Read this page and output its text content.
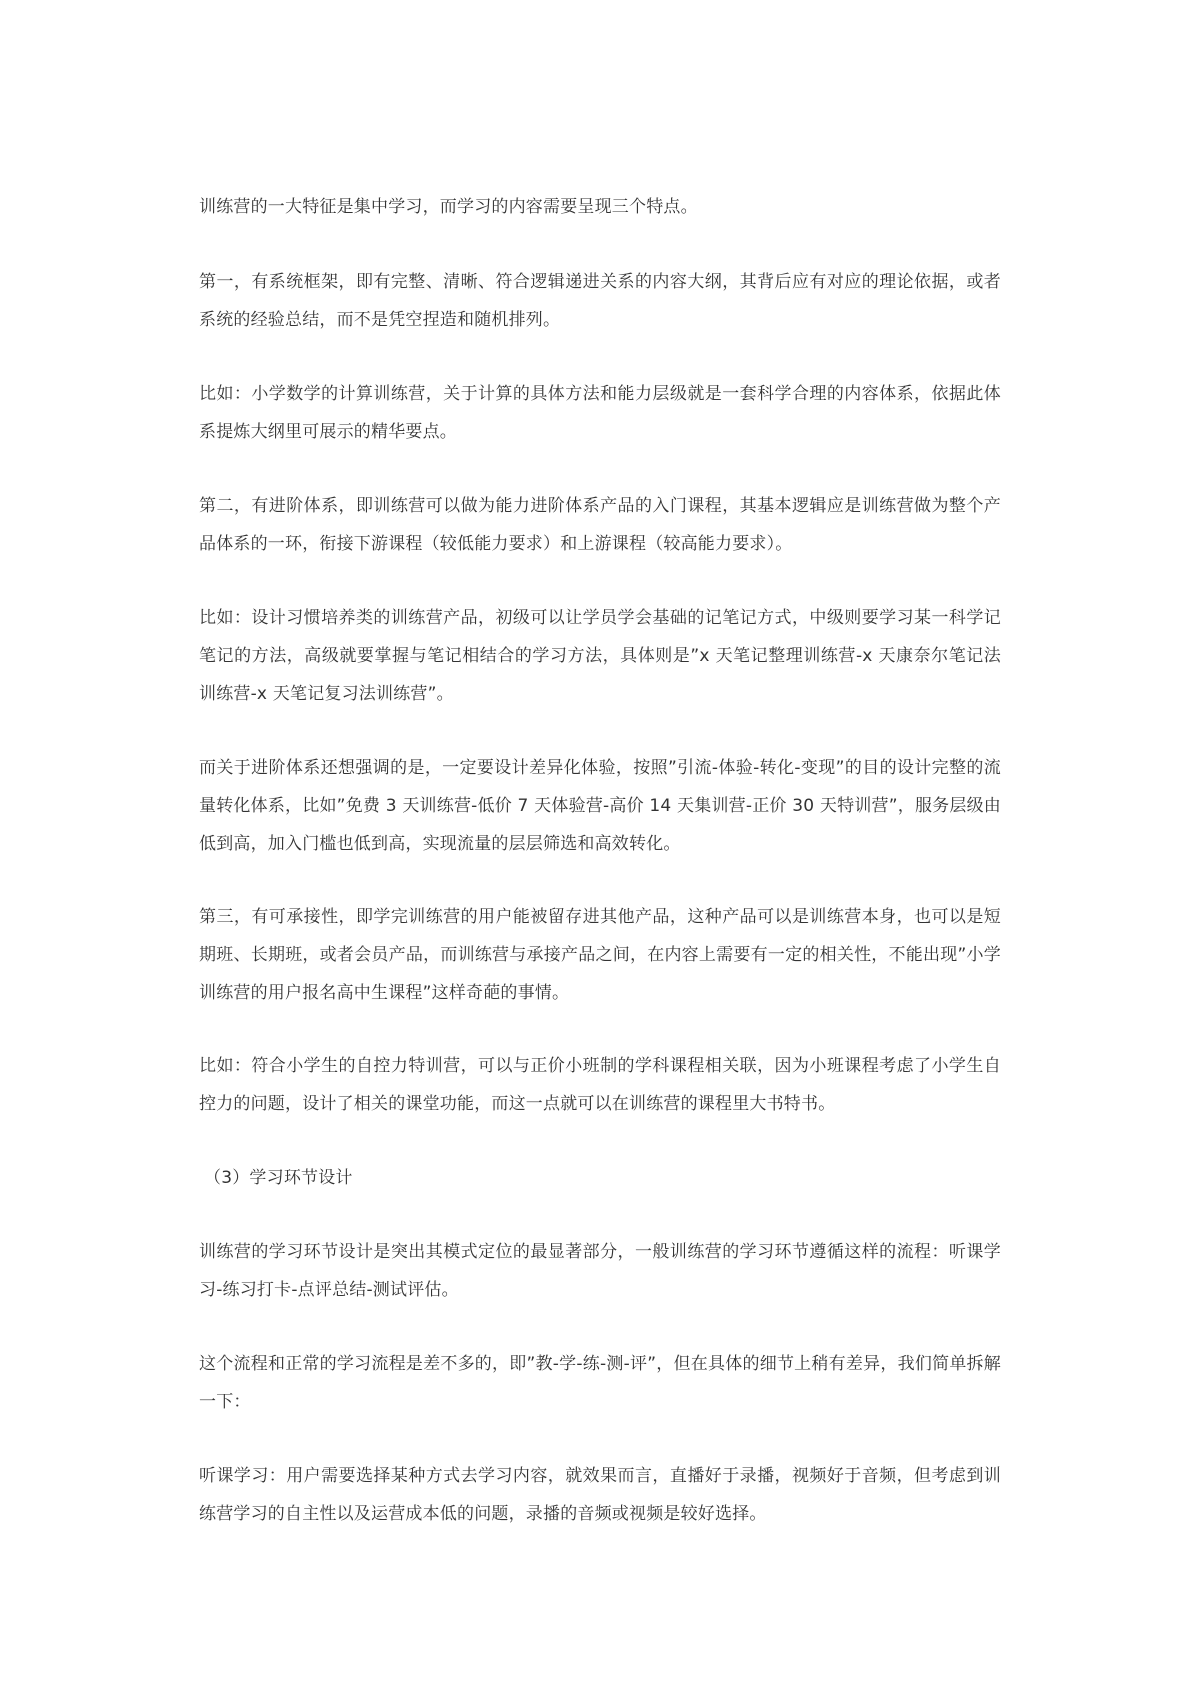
训练营的一大特征是集中学习，而学习的内容需要呈现三个特点。

第一，有系统框架，即有完整、清晰、符合逻辑递进关系的内容大纲，其背后应有对应的理论依据，或者系统的经验总结，而不是凭空捏造和随机排列。

比如：小学数学的计算训练营，关于计算的具体方法和能力层级就是一套科学合理的内容体系，依据此体系提炼大纲里可展示的精华要点。

第二，有进阶体系，即训练营可以做为能力进阶体系产品的入门课程，其基本逻辑应是训练营做为整个产品体系的一环，衔接下游课程（较低能力要求）和上游课程（较高能力要求）。

比如：设计习惯培养类的训练营产品，初级可以让学员学会基础的记笔记方式，中级则要学习某一科学记笔记的方法，高级就要掌握与笔记相结合的学习方法，具体则是”x 天笔记整理训练营-x 天康奈尔笔记法训练营-x 天笔记复习法训练营”。

而关于进阶体系还想强调的是，一定要设计差异化体验，按照”引流-体验-转化-变现”的目的设计完整的流量转化体系，比如”免费 3 天训练营-低价 7 天体验营-高价 14 天集训营-正价 30 天特训营”，服务层级由低到高，加入门槛也低到高，实现流量的层层筛选和高效转化。

第三，有可承接性，即学完训练营的用户能被留存进其他产品，这种产品可以是训练营本身，也可以是短期班、长期班，或者会员产品，而训练营与承接产品之间，在内容上需要有一定的相关性，不能出现”小学训练营的用户报名高中生课程”这样奇葩的事情。

比如：符合小学生的自控力特训营，可以与正价小班制的学科课程相关联，因为小班课程考虑了小学生自控力的问题，设计了相关的课堂功能，而这一点就可以在训练营的课程里大书特书。

（3）学习环节设计

训练营的学习环节设计是突出其模式定位的最显著部分，一般训练营的学习环节遵循这样的流程：听课学习-练习打卡-点评总结-测试评估。

这个流程和正常的学习流程是差不多的，即”教-学-练-测-评”，但在具体的细节上稍有差异，我们简单拆解一下：

听课学习：用户需要选择某种方式去学习内容，就效果而言，直播好于录播，视频好于音频，但考虑到训练营学习的自主性以及运营成本低的问题，录播的音频或视频是较好选择。
